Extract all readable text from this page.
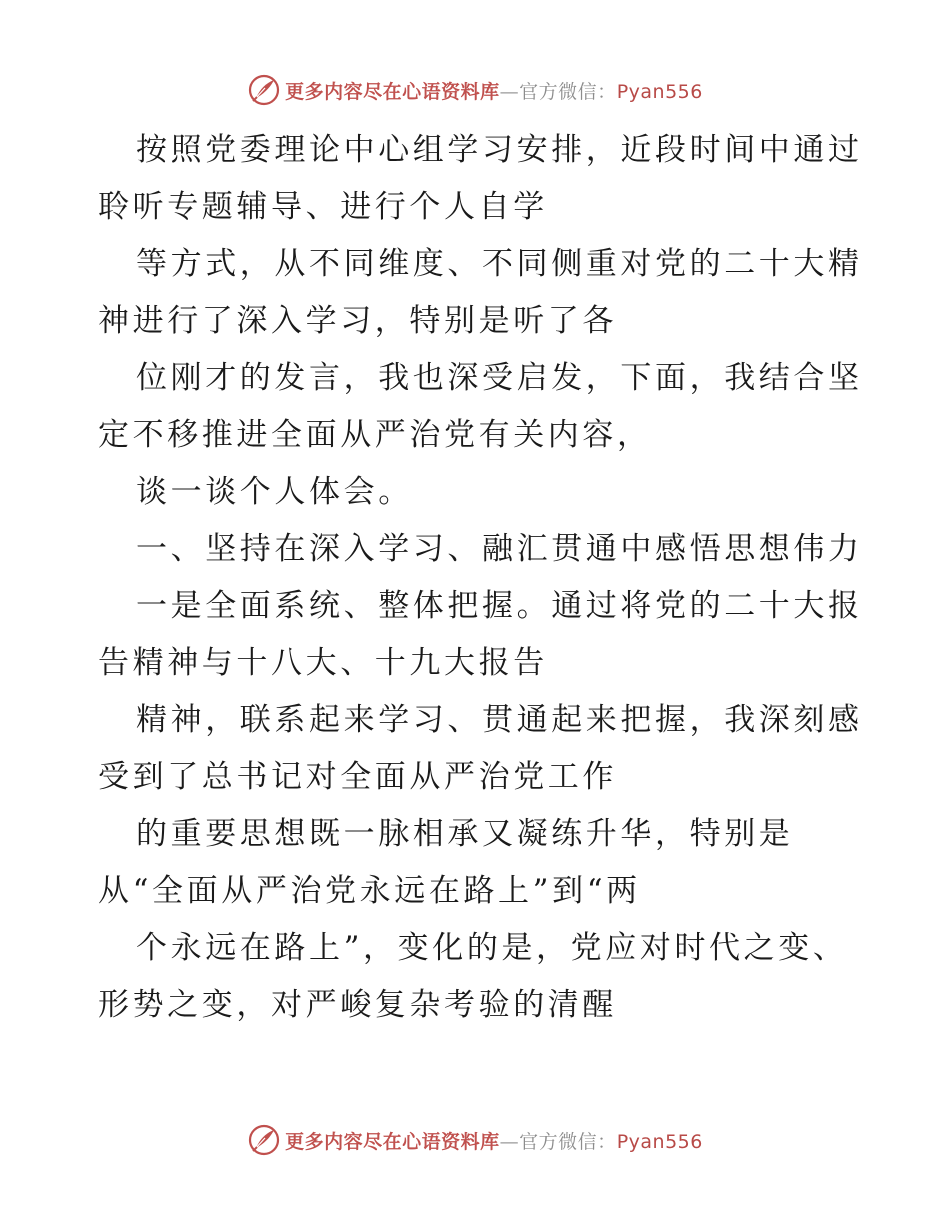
更多内容尽在心语资料库—官方微信：Pyan556
按照党委理论中心组学习安排，近段时间中通过
聆听专题辅导、进行个人自学
等方式，从不同维度、不同侧重对党的二十大精
神进行了深入学习，特别是听了各
位刚才的发言，我也深受启发，下面，我结合坚
定不移推进全面从严治党有关内容，
谈一谈个人体会。
一、坚持在深入学习、融汇贯通中感悟思想伟力
一是全面系统、整体把握。通过将党的二十大报
告精神与十八大、十九大报告
精神，联系起来学习、贯通起来把握，我深刻感
受到了总书记对全面从严治党工作
的重要思想既一脉相承又凝练升华，特别是
从“全面从严治党永远在路上”到“两
个永远在路上”，变化的是，党应对时代之变、
形势之变，对严峻复杂考验的清醒
更多内容尽在心语资料库—官方微信：Pyan556
